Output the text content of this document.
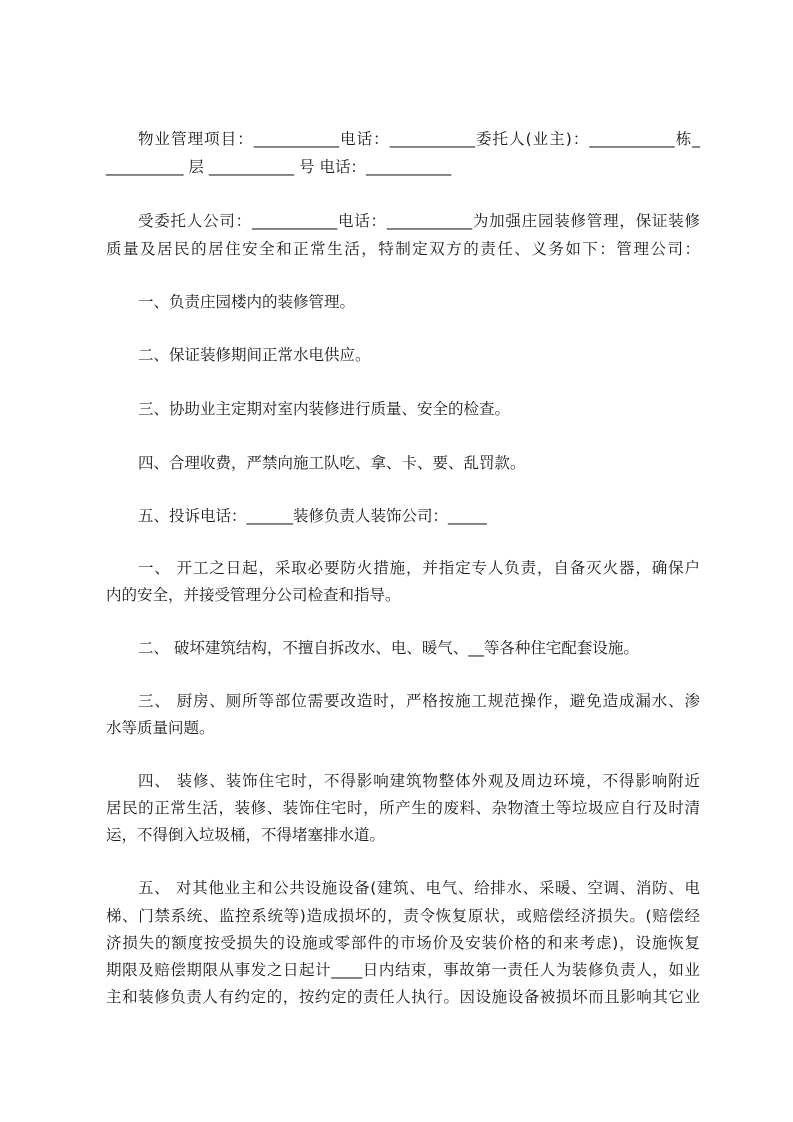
物业管理项目：___________电话：___________委托人(业主)：___________栋_
__________ 层 ___________ 号 电话：___________
受委托人公司：___________电话：___________为加强庄园装修管理，保证装修
质量及居民的居住安全和正常生活，特制定双方的责任、义务如下：管理公司：
一、负责庄园楼内的装修管理。
二、保证装修期间正常水电供应。
三、协助业主定期对室内装修进行质量、安全的检查。
四、合理收费，严禁向施工队吃、拿、卡、要、乱罚款。
五、投诉电话：______装修负责人装饰公司：_____
一、 开工之日起，采取必要防火措施，并指定专人负责，自备灭火器，确保户
内的安全，并接受管理分公司检查和指导。
二、 破坏建筑结构，不擅自拆改水、电、暖气、__等各种住宅配套设施。
三、 厨房、厕所等部位需要改造时，严格按施工规范操作，避免造成漏水、渗
水等质量问题。
四、 装修、装饰住宅时，不得影响建筑物整体外观及周边环境，不得影响附近
居民的正常生活，装修、装饰住宅时，所产生的废料、杂物渣土等垃圾应自行及时清
运，不得倒入垃圾桶，不得堵塞排水道。
五、 对其他业主和公共设施设备(建筑、电气、给排水、采暖、空调、消防、电
梯、门禁系统、监控系统等)造成损坏的，责令恢复原状，或赔偿经济损失。(赔偿经
济损失的额度按受损失的设施或零部件的市场价及安装价格的和来考虑)，设施恢复
期限及赔偿期限从事发之日起计____日内结束，事故第一责任人为装修负责人，如业
主和装修负责人有约定的，按约定的责任人执行。因设施设备被损坏而且影响其它业
